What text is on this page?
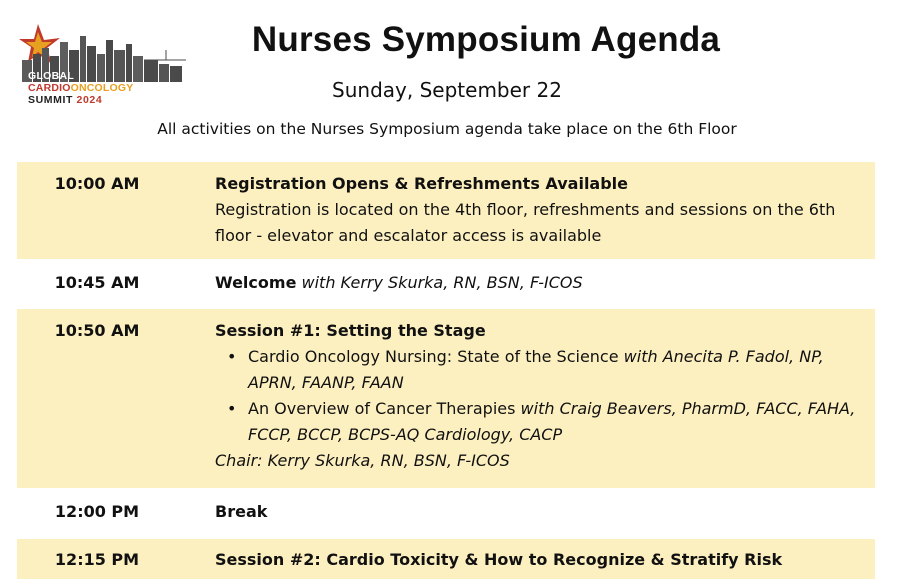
GLOBAL
CARDIOONCOLOGY
SUMMIT 2024
Nurses Symposium Agenda
Sunday, September 22
All activities on the Nurses Symposium agenda take place on the 6th Floor
10:00 AM	Registration Opens & Refreshments Available
Registration is located on the 4th floor, refreshments and sessions on the 6th floor - elevator and escalator access is available
10:45 AM	Welcome with Kerry Skurka, RN, BSN, F-ICOS
10:50 AM	Session #1: Setting the Stage
• Cardio Oncology Nursing: State of the Science with Anecita P. Fadol, NP, APRN, FAANP, FAAN
• An Overview of Cancer Therapies with Craig Beavers, PharmD, FACC, FAHA, FCCP, BCCP, BCPS-AQ Cardiology, CACP
Chair: Kerry Skurka, RN, BSN, F-ICOS
12:00 PM	Break
12:15 PM	Session #2: Cardio Toxicity & How to Recognize & Stratify Risk
